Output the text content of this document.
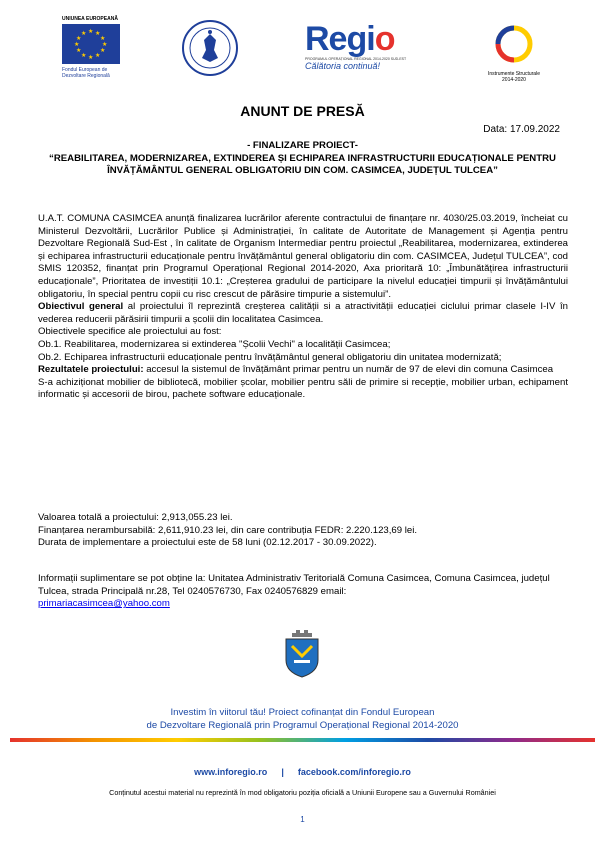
UNIUNEA EUROPEANĂ
★ ★
★
★
★
★
★
★
★
★
★
★
Fondul European de
Dezvoltare Regională
Regio
PROGRAMUL OPERAȚIONAL REGIONAL 2014-2020 SUD-EST
Călătoria continuă!
Instrumente Structurale
2014-2020
ANUNT DE PRESĂ
Data: 17.09.2022
- FINALIZARE PROIECT-
“REABILITAREA, MODERNIZAREA, EXTINDEREA ȘI ECHIPAREA INFRASTRUCTURII EDUCAȚIONALE PENTRU ÎNVĂȚĂMÂNTUL GENERAL OBLIGATORIU DIN COM. CASIMCEA, JUDEȚUL TULCEA”

U.A.T. COMUNA CASIMCEA anunță finalizarea lucrărilor aferente contractului de finanțare nr. 4030/25.03.2019, încheiat cu Ministerul Dezvoltării, Lucrărilor Publice și Administrației, în calitate de Autoritate de Management și Agenția pentru Dezvoltare Regională Sud-Est , în calitate de Organism Intermediar pentru proiectul „Reabilitarea, modernizarea, extinderea și echiparea infrastructurii educaționale pentru învățământul general obligatoriu din com. CASIMCEA, Județul TULCEA”, cod SMIS 120352, finanțat prin Programul Operațional Regional 2014-2020, Axa prioritară 10: „Îmbunătățirea infrastructurii educaționale”, Prioritatea de investiții 10.1: „Creșterea gradului de participare la nivelul educației timpurii și învățământului obligatoriu, în special pentru copii cu risc crescut de părăsire timpurie a sistemului”.

Obiectivul general al proiectului îl reprezintă creșterea calității si a atractivității educației ciclului primar clasele I-IV în vederea reducerii părăsirii timpurii a școlii din localitatea Casimcea.

Obiectivele specifice ale proiectului au fost:

Ob.1. Reabilitarea, modernizarea si extinderea "Școlii Vechi" a localității Casimcea;

Ob.2. Echiparea infrastructurii educaționale pentru învățământul general obligatoriu din unitatea modernizată;

Rezultatele proiectului: accesul la sistemul de învățământ primar pentru un număr de 97 de elevi din comuna Casimcea

S-a achiziționat mobilier de bibliotecă, mobilier școlar, mobilier pentru săli de primire si recepție, mobilier urban, echipament informatic și accesorii de birou, pachete software educaționale.

Valoarea totală a proiectului: 2,913,055.23 lei.

Finanțarea nerambursabilă: 2,611,910.23 lei, din care contribuția FEDR: 2.220.123,69 lei.

Durata de implementare a proiectului este de 58 luni (02.12.2017 - 30.09.2022).

Informații suplimentare se pot obține la: Unitatea Administrativ Teritorială Comuna Casimcea, Comuna Casimcea, județul Tulcea, strada Principală nr.28, Tel 0240576730, Fax 0240576829 email:

primariacasimcea@yahoo.com

Investim în viitorul tău! Proiect cofinanțat din Fondul European
de Dezvoltare Regională prin Programul Operațional Regional 2014-2020
www.inforegio.ro | facebook.com/inforegio.ro
Conținutul acestui material nu reprezintă în mod obligatoriu poziția oficială a Uniunii Europene sau a Guvernului României
1
